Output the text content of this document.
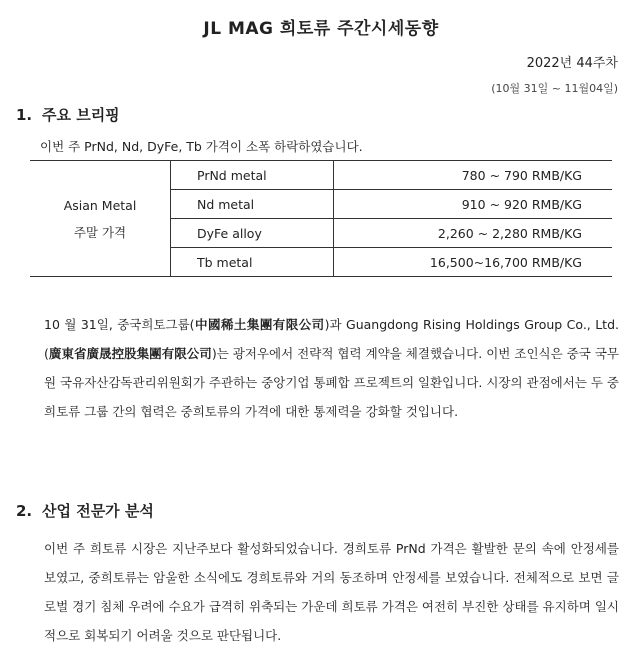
JL MAG 희토류 주간시세동향
2022년 44주차
(10월 31일 ~ 11월04일)
1. 주요 브리핑
이번 주 PrNd, Nd, DyFe, Tb 가격이 소폭 하락하였습니다.
Asian Metal
주말 가격	PrNd metal	780 ~ 790 RMB/KG
	Nd metal	910 ~ 920 RMB/KG
	DyFe alloy	2,260 ~ 2,280 RMB/KG
	Tb metal	16,500~16,700 RMB/KG

10 월 31일, 중국희토그룹(中國稀土集團有限公司)과 Guangdong Rising Holdings Group Co., Ltd. (廣東省廣晟控股集團有限公司)는 광저우에서 전략적 협력 계약을 체결했습니다. 이번 조인식은 중국 국무원 국유자산감독관리위원회가 주관하는 중앙기업 통폐합 프로젝트의 일환입니다. 시장의 관점에서는 두 중희토류 그룹 간의 협력은 중희토류의 가격에 대한 통제력을 강화할 것입니다.

2. 산업 전문가 분석

이번 주 희토류 시장은 지난주보다 활성화되었습니다. 경희토류 PrNd 가격은 활발한 문의 속에 안정세를 보였고, 중희토류는 암울한 소식에도 경희토류와 거의 동조하며 안정세를 보였습니다. 전체적으로 보면 글로벌 경기 침체 우려에 수요가 급격히 위축되는 가운데 희토류 가격은 여전히 부진한 상태를 유지하며 일시적으로 회복되기 어려울 것으로 판단됩니다.
